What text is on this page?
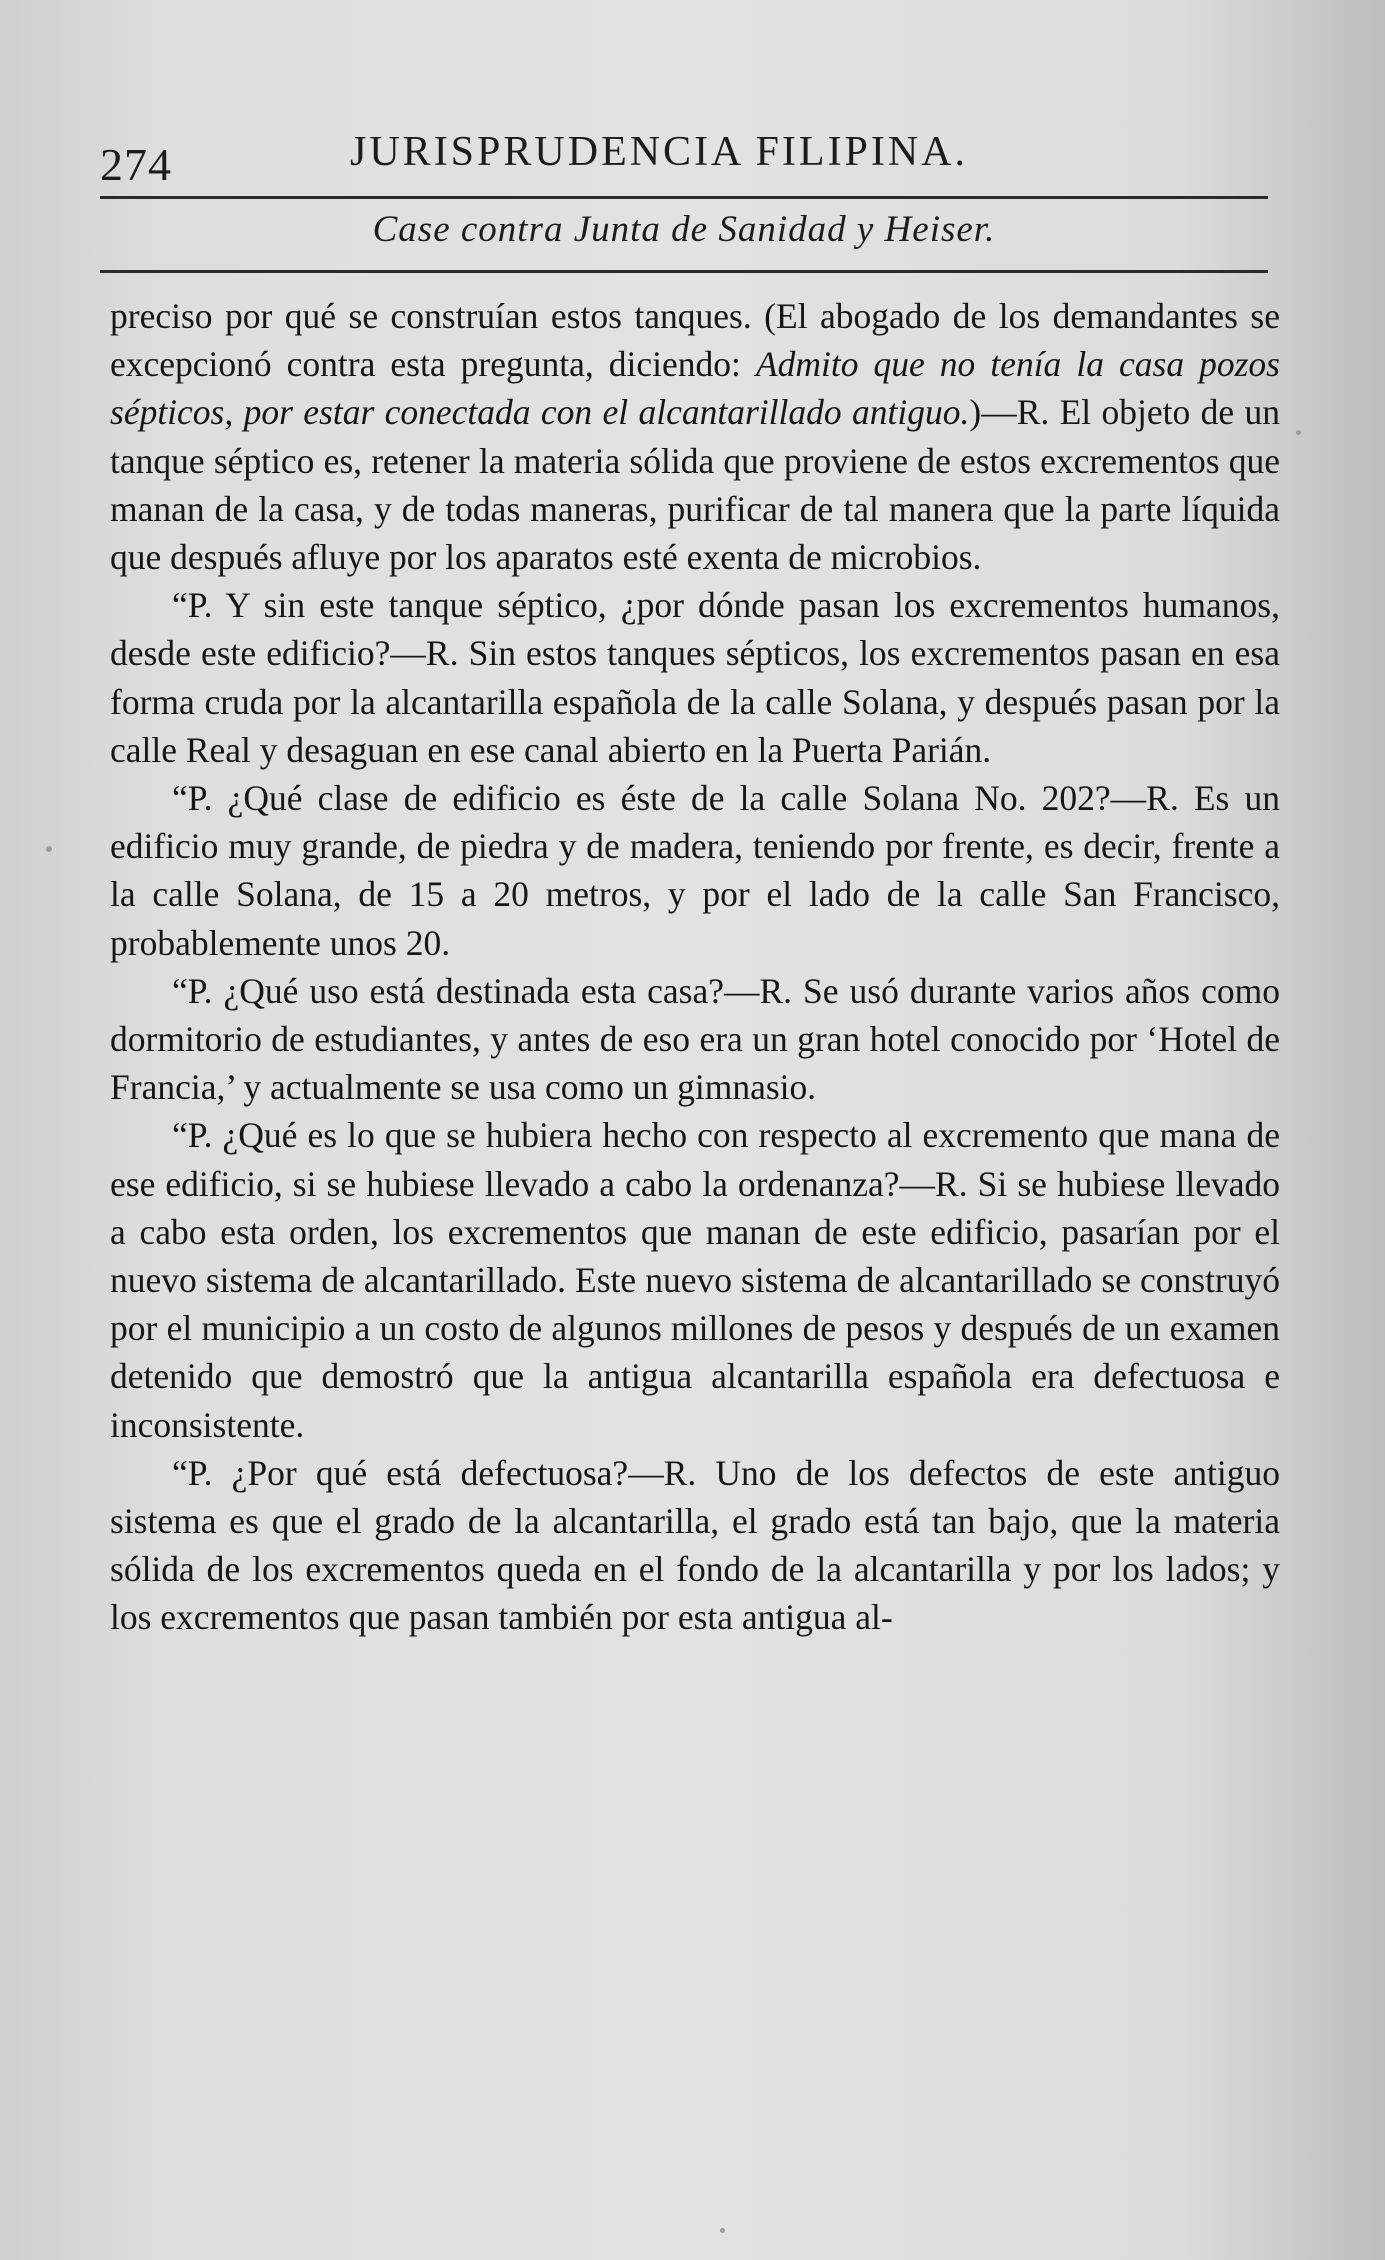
274	JURISPRUDENCIA FILIPINA.
Case contra Junta de Sanidad y Heiser.

preciso por qué se construían estos tanques. (El abogado de los demandantes se excepcionó contra esta pregunta, diciendo: Admito que no tenía la casa pozos sépticos, por estar conectada con el alcantarillado antiguo.)—R. El objeto de un tanque séptico es, retener la materia sólida que proviene de estos excrementos que manan de la casa, y de todas maneras, purificar de tal manera que la parte líquida que después afluye por los aparatos esté exenta de microbios.

“P. Y sin este tanque séptico, ¿por dónde pasan los excrementos humanos, desde este edificio?—R. Sin estos tanques sépticos, los excrementos pasan en esa forma cruda por la alcantarilla española de la calle Solana, y después pasan por la calle Real y desaguan en ese canal abierto en la Puerta Parián.

“P. ¿Qué clase de edificio es éste de la calle Solana No. 202?—R. Es un edificio muy grande, de piedra y de madera, teniendo por frente, es decir, frente a la calle Solana, de 15 a 20 metros, y por el lado de la calle San Francisco, probablemente unos 20.

“P. ¿Qué uso está destinada esta casa?—R. Se usó durante varios años como dormitorio de estudiantes, y antes de eso era un gran hotel conocido por ‘Hotel de Francia,’ y actualmente se usa como un gimnasio.

“P. ¿Qué es lo que se hubiera hecho con respecto al excremento que mana de ese edificio, si se hubiese llevado a cabo la ordenanza?—R. Si se hubiese llevado a cabo esta orden, los excrementos que manan de este edificio, pasarían por el nuevo sistema de alcantarillado. Este nuevo sistema de alcantarillado se construyó por el municipio a un costo de algunos millones de pesos y después de un examen detenido que demostró que la antigua alcantarilla española era defectuosa e inconsistente.

“P. ¿Por qué está defectuosa?—R. Uno de los defectos de este antiguo sistema es que el grado de la alcantarilla, el grado está tan bajo, que la materia sólida de los excrementos queda en el fondo de la alcantarilla y por los lados; y los excrementos que pasan también por esta antigua al-
